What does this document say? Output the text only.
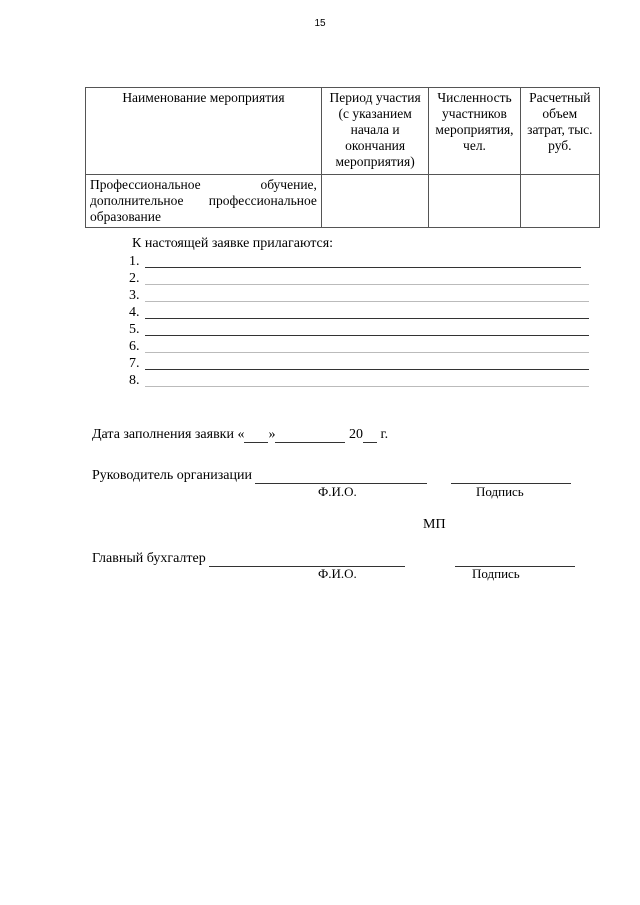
15
Наименование мероприятия	Период участия (с указанием начала и окончания мероприятия)	Численность участников мероприятия, чел.	Расчетный объем затрат, тыс. руб.

Профессиональное обучение,
дополнительное профессиональное образование			

К настоящей заявке прилагаются:
1.
2.
3.
4.
5.
6.
7.
8.
Дата заполнения заявки « »	20 г.
Руководитель организации
Ф.И.О.	Подпись
МП
Главный бухгалтер
Ф.И.О.	Подпись
